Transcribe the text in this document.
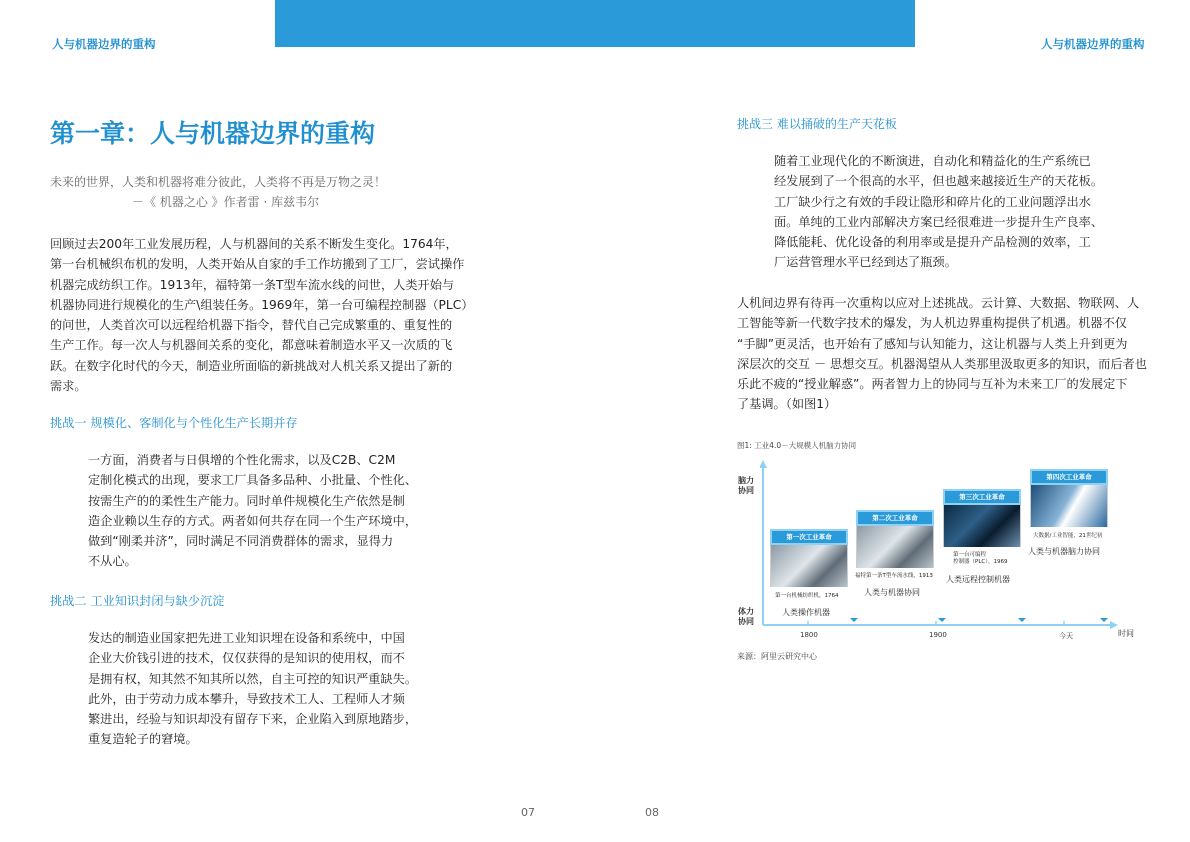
人与机器边界的重构	人与机器边界的重构
第一章：人与机器边界的重构
未来的世界，人类和机器将难分彼此，人类将不再是万物之灵！
－《 机器之心 》作者雷 · 库兹韦尔
回顾过去200年工业发展历程，人与机器间的关系不断发生变化。1764年，
第一台机械织布机的发明，人类开始从自家的手工作坊搬到了工厂，尝试操作
机器完成纺织工作。1913年，福特第一条T型车流水线的问世，人类开始与
机器协同进行规模化的生产\组装任务。1969年，第一台可编程控制器（PLC）
的问世，人类首次可以远程给机器下指令，替代自己完成繁重的、重复性的
生产工作。每一次人与机器间关系的变化，都意味着制造水平又一次质的飞
跃。在数字化时代的今天，制造业所面临的新挑战对人机关系又提出了新的
需求。
挑战一 规模化、客制化与个性化生产长期并存
一方面，消费者与日俱增的个性化需求，以及C2B、C2M
定制化模式的出现，要求工厂具备多品种、小批量、个性化、
按需生产的的柔性生产能力。同时单件规模化生产依然是制
造企业赖以生存的方式。两者如何共存在同一个生产环境中，
做到“刚柔并济”，同时满足不同消费群体的需求，显得力
不从心。
挑战二 工业知识封闭与缺少沉淀
发达的制造业国家把先进工业知识埋在设备和系统中，中国
企业大价钱引进的技术，仅仅获得的是知识的使用权，而不
是拥有权，知其然不知其所以然，自主可控的知识严重缺失。
此外，由于劳动力成本攀升，导致技术工人、工程师人才频
繁进出，经验与知识却没有留存下来，企业陷入到原地踏步，
重复造轮子的窘境。
07
挑战三 难以捅破的生产天花板
随着工业现代化的不断演进，自动化和精益化的生产系统已
经发展到了一个很高的水平，但也越来越接近生产的天花板。
工厂缺少行之有效的手段让隐形和碎片化的工业问题浮出水
面。单纯的工业内部解决方案已经很难进一步提升生产良率、
降低能耗、优化设备的利用率或是提升产品检测的效率，工
厂运营管理水平已经到达了瓶颈。
人机间边界有待再一次重构以应对上述挑战。云计算、大数据、物联网、人
工智能等新一代数字技术的爆发，为人机边界重构提供了机遇。机器不仅
“手脚”更灵活，也开始有了感知与认知能力，这让机器与人类上升到更为
深层次的交互 － 思想交互。机器渴望从人类那里汲取更多的知识，而后者也
乐此不疲的“授业解惑”。两者智力上的协同与互补为未来工厂的发展定下
了基调。（如图1）
图1: 工业4.0－大规模人机脑力协同
脑力
协同
体力
协同
1800	1900	今天	时间
第一次工业革命
第一台机械纺织机，1764
人类操作机器
第二次工业革命
福特第一条T型车流水线，1913
人类与机器协同
第三次工业革命
第一台可编程
控制器（PLC），1969
人类远程控制机器
第四次工业革命
大数据/工业智能，21世纪初
人类与机器脑力协同
来源：阿里云研究中心
08
